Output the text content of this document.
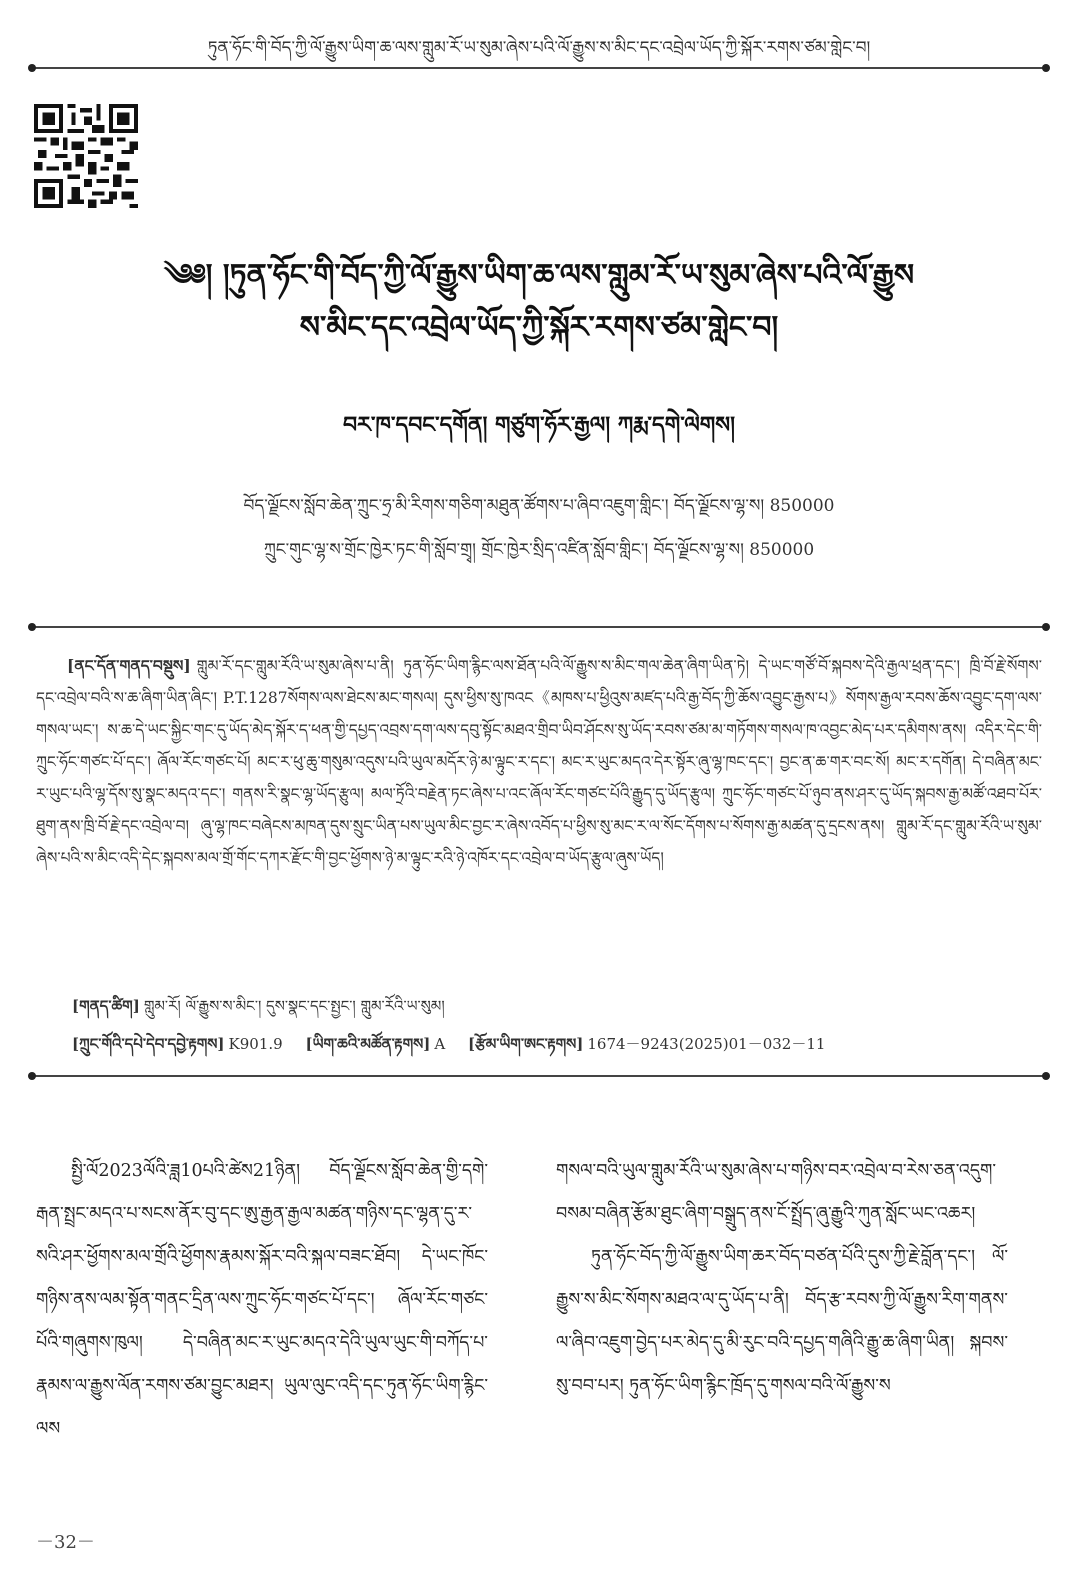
ཏུན་ཧོང་གི་བོད་ཀྱི་ལོ་རྒྱུས་ཡིག་ཆ་ལས་གླུམ་རོ་ཡ་སུམ་ཞེས་པའི་ལོ་རྒྱུས་ས་མིང་དང་འབྲེལ་ཡོད་ཀྱི་སྐོར་རགས་ཙམ་གླེང་བ།
༄༅། །ཏུན་ཧོང་གི་བོད་ཀྱི་ལོ་རྒྱུས་ཡིག་ཆ་ལས་གླུམ་རོ་ཡ་སུམ་ཞེས་པའི་ལོ་རྒྱུས
ས་མིང་དང་འབྲེལ་ཡོད་ཀྱི་སྐོར་རགས་ཙམ་གླེང་བ།
བར་ཁ་དབང་དགོན། གཙུག་ཧོར་རྒྱལ། ཀརྨ་དགེ་ལེགས།
བོད་ལྗོངས་སློབ་ཆེན་ཀྲུང་ཧྲ་མི་རིགས་གཅིག་མཐུན་ཚོགས་པ་ཞིབ་འཇུག་གླིང་། བོད་ལྗོངས་ལྷ་ས། 850000
ཀྲུང་གུང་ལྷ་ས་གྲོང་ཁྱེར་ཏང་གི་སློབ་གྲྭ། གྲོང་ཁྱེར་སྲིད་འཛིན་སློབ་གླིང་། བོད་ལྗོངས་ལྷ་ས། 850000

[ནང་དོན་གནད་བསྡུས] གླུམ་རོ་དང་གླུམ་རོའི་ཡ་སུམ་ཞེས་པ་ནི། ཏུན་ཧོང་ཡིག་རྙིང་ལས་ཐོན་པའི་ལོ་རྒྱུས་ས་མིང་གལ་ཆེན་ཞིག་ཡིན་ཏེ། དེ་ཡང་གཙོ་བོ་སྐབས་དེའི་རྒྱལ་ཕྲན་དང་། ཁྲི་བོ་རྗེ་སོགས་དང་འབྲེལ་བའི་ས་ཆ་ཞིག་ཡིན་ཞིང་། P.T.1287སོགས་ལས་ཐེངས་མང་གསལ། དུས་ཕྱིས་སུ་ཁའང《མཁས་པ་ཕྱིའུས་མཛད་པའི་རྒྱ་བོད་ཀྱི་ཆོས་འབྱུང་རྒྱས་པ》སོགས་རྒྱལ་རབས་ཆོས་འབྱུང་དག་ལས་གསལ་ཡང་། ས་ཆ་དེ་ཡང་སྐྱིང་གང་དུ་ཡོད་མེད་སྐོར་ད་ཕན་གྱི་དཔྱད་འབྲས་དག་ལས་དབུ་སྟོང་མཐའ་གྲིབ་ཡིབ་ཤོངས་སུ་ཡོད་རབས་ཙམ་མ་གཏོགས་གསལ་ཁ་འབྱང་མེད་པར་དམིགས་ནས། འདིར་དེང་གི་ཀྲུང་ཧོང་གཙང་པོ་དང་། ཞོལ་རོང་གཙང་པོ། མང་ར་ཕུ་ཆུ་གསུམ་འདུས་པའི་ཡུལ་མདོར་ཉེ་མ་ལྟུང་ར་དང་། མང་ར་ཡུང་མདའ་དེར་སྟོར་ཞུ་ལྷ་ཁང་དང་། བྱང་ན་ཆ་གར་བང་སོ། མང་ར་དགོན། དེ་བཞིན་མང་ར་ཡུང་པའི་ལྷ་དོས་སུ་སྣང་མདའ་དང་། གནས་རི་སྣང་ལྷ་ཡོད་རྩུལ། མལ་ཏྲོའི་བརྗེན་ཏང་ཞེས་པ་འང་ཞོལ་རོང་གཙང་པོའི་རྒྱུད་དུ་ཡོད་རྩུལ། ཀྲུང་ཧོང་གཙང་པོ་ཉུབ་ནས་ཤར་དུ་ཡོད་སྐབས་རྒྱ་མཚོ་འཐབ་པོར་ཐུག་ནས་ཁྲི་བོ་རྗེ་དང་འབྲེལ་བ། ཞུ་ལྷ་ཁང་བཞེངས་མཁན་དུས་སྲུང་ཡིན་པས་ཡུལ་མིང་བྱང་ར་ཞེས་འབོད་པ་ཕྱིས་སུ་མང་ར་ལ་སོང་དོགས་པ་སོགས་རྒྱ་མཚན་དུ་དྲངས་ནས། གླུམ་རོ་དང་གླུམ་རོའི་ཡ་སུམ་ཞེས་པའི་ས་མིང་འདི་དེང་སྐབས་མལ་གྲོ་གོང་དཀར་རྫོང་གི་བྱང་ཕྱོགས་ཉེ་མ་ལྟུང་རའི་ཉེ་འཁོར་དང་འབྲེལ་བ་ཡོད་རྩུལ་ཞུས་ཡོད།

[གནད་ཚིག] གླུམ་རོ། ལོ་རྒྱུས་ས་མིང་། དུས་སྣང་དང་སྤྱང་། གླུམ་རོའི་ཡ་སུམ།
[ཀྲུང་གོའི་དཔེ་དེབ་དབྱེ་རྟགས] K901.9 [ཡིག་ཆའི་མཚོན་རྟགས] A [རྩོམ་ཡིག་ཨང་རྟགས] 1674－9243(2025)01－032－11

སྤྱི་ལོ2023ལོའི་ཟླ10པའི་ཚེས21ཉིན། བོད་ལྗོངས་སློབ་ཆེན་གྱི་དགེ་རྒན་སྤྲང་མདའ་པ་སངས་ནོར་བུ་དང་ཨུ་རྒྱན་རྒྱལ་མཚན་གཉིས་དང་ལྷན་དུ་ར་སའི་ཤར་ཕྱོགས་མལ་གྲོའི་ཕྱོགས་རྣམས་སྐོར་བའི་སྐལ་བཟང་ཐོབ། དེ་ཡང་ཁོང་གཉིས་ནས་ལམ་སྟོན་གནང་དྲིན་ལས་ཀྲུང་ཧོང་གཙང་པོ་དང་། ཞོལ་རོང་གཙང་པོའི་གཞུགས་ཁུལ། དེ་བཞིན་མང་ར་ཡུང་མདའ་དེའི་ཡུལ་ཡུང་གི་བཀོད་པ་རྣམས་ལ་རྒྱུས་ལོན་རགས་ཙམ་བྱུང་མཐར། ཡུལ་ལུང་འདི་དང་ཏུན་ཧོང་ཡིག་རྙིང་ལས

གསལ་བའི་ཡུལ་གླུམ་རོའི་ཡ་སུམ་ཞེས་པ་གཉིས་བར་འབྲེལ་བ་རེས་ཅན་འདུག་བསམ་བཞིན་རྩོམ་ཐུང་ཞིག་བསྒྲུད་ནས་ངོ་སྤྲོད་ཞུ་རྒྱུའི་ཀུན་སློང་ཡང་འཆར།

ཏུན་ཧོང་བོད་ཀྱི་ལོ་རྒྱུས་ཡིག་ཆར་བོད་བཙན་པོའི་དུས་ཀྱི་རྗེ་བློན་དང་། ལོ་རྒྱུས་ས་མིང་སོགས་མཐའ་ལ་དུ་ཡོད་པ་ནི། བོད་རྩ་རབས་ཀྱི་ལོ་རྒྱུས་རིག་གནས་ལ་ཞིབ་འཇུག་བྱེད་པར་མེད་དུ་མི་རུང་བའི་དཔྱད་གཞིའི་རྒྱུ་ཆ་ཞིག་ཡིན། སྐབས་སུ་བབ་པར། ཏུན་ཧོང་ཡིག་རྙིང་ཁྲོད་དུ་གསལ་བའི་ལོ་རྒྱུས་ས

－32－
